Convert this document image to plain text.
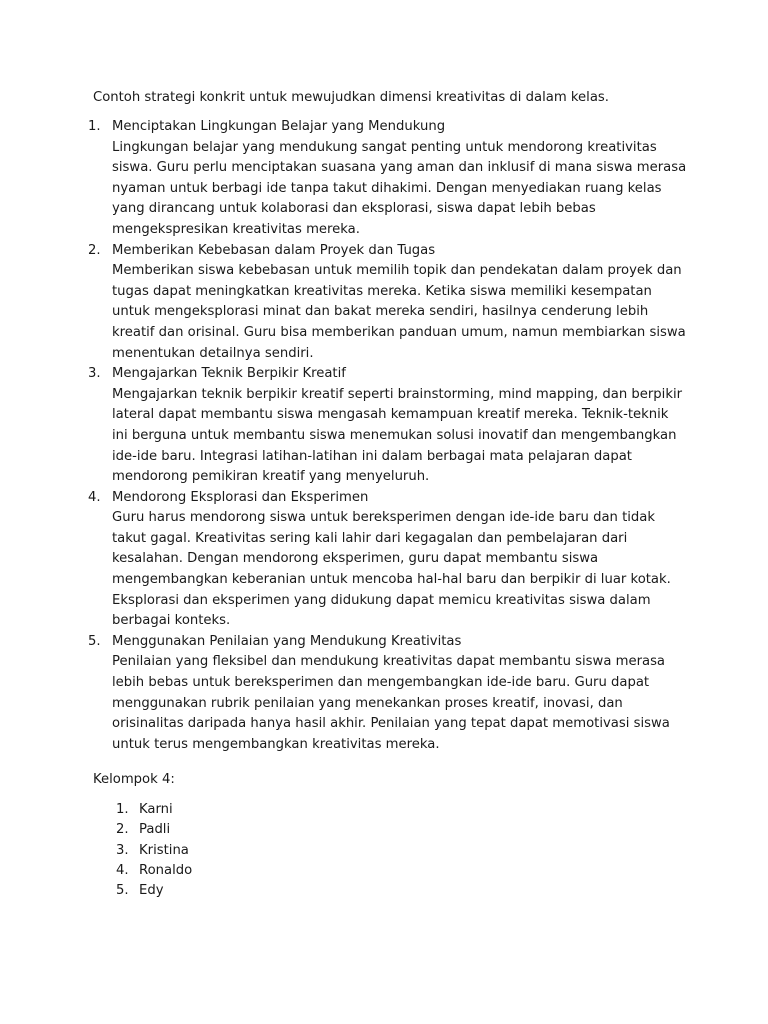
Contoh strategi konkrit untuk mewujudkan dimensi kreativitas di dalam kelas.
1. Menciptakan Lingkungan Belajar yang Mendukung
Lingkungan belajar yang mendukung sangat penting untuk mendorong kreativitas siswa. Guru perlu menciptakan suasana yang aman dan inklusif di mana siswa merasa nyaman untuk berbagi ide tanpa takut dihakimi. Dengan menyediakan ruang kelas yang dirancang untuk kolaborasi dan eksplorasi, siswa dapat lebih bebas mengekspresikan kreativitas mereka.
2. Memberikan Kebebasan dalam Proyek dan Tugas
Memberikan siswa kebebasan untuk memilih topik dan pendekatan dalam proyek dan tugas dapat meningkatkan kreativitas mereka. Ketika siswa memiliki kesempatan untuk mengeksplorasi minat dan bakat mereka sendiri, hasilnya cenderung lebih kreatif dan orisinal. Guru bisa memberikan panduan umum, namun membiarkan siswa menentukan detailnya sendiri.
3. Mengajarkan Teknik Berpikir Kreatif
Mengajarkan teknik berpikir kreatif seperti brainstorming, mind mapping, dan berpikir lateral dapat membantu siswa mengasah kemampuan kreatif mereka. Teknik-teknik ini berguna untuk membantu siswa menemukan solusi inovatif dan mengembangkan ide-ide baru. Integrasi latihan-latihan ini dalam berbagai mata pelajaran dapat mendorong pemikiran kreatif yang menyeluruh.
4. Mendorong Eksplorasi dan Eksperimen
Guru harus mendorong siswa untuk bereksperimen dengan ide-ide baru dan tidak takut gagal. Kreativitas sering kali lahir dari kegagalan dan pembelajaran dari kesalahan. Dengan mendorong eksperimen, guru dapat membantu siswa mengembangkan keberanian untuk mencoba hal-hal baru dan berpikir di luar kotak. Eksplorasi dan eksperimen yang didukung dapat memicu kreativitas siswa dalam berbagai konteks.
5. Menggunakan Penilaian yang Mendukung Kreativitas
Penilaian yang fleksibel dan mendukung kreativitas dapat membantu siswa merasa lebih bebas untuk bereksperimen dan mengembangkan ide-ide baru. Guru dapat menggunakan rubrik penilaian yang menekankan proses kreatif, inovasi, dan orisinalitas daripada hanya hasil akhir. Penilaian yang tepat dapat memotivasi siswa untuk terus mengembangkan kreativitas mereka.
Kelompok 4:
1. Karni
2. Padli
3. Kristina
4. Ronaldo
5. Edy
